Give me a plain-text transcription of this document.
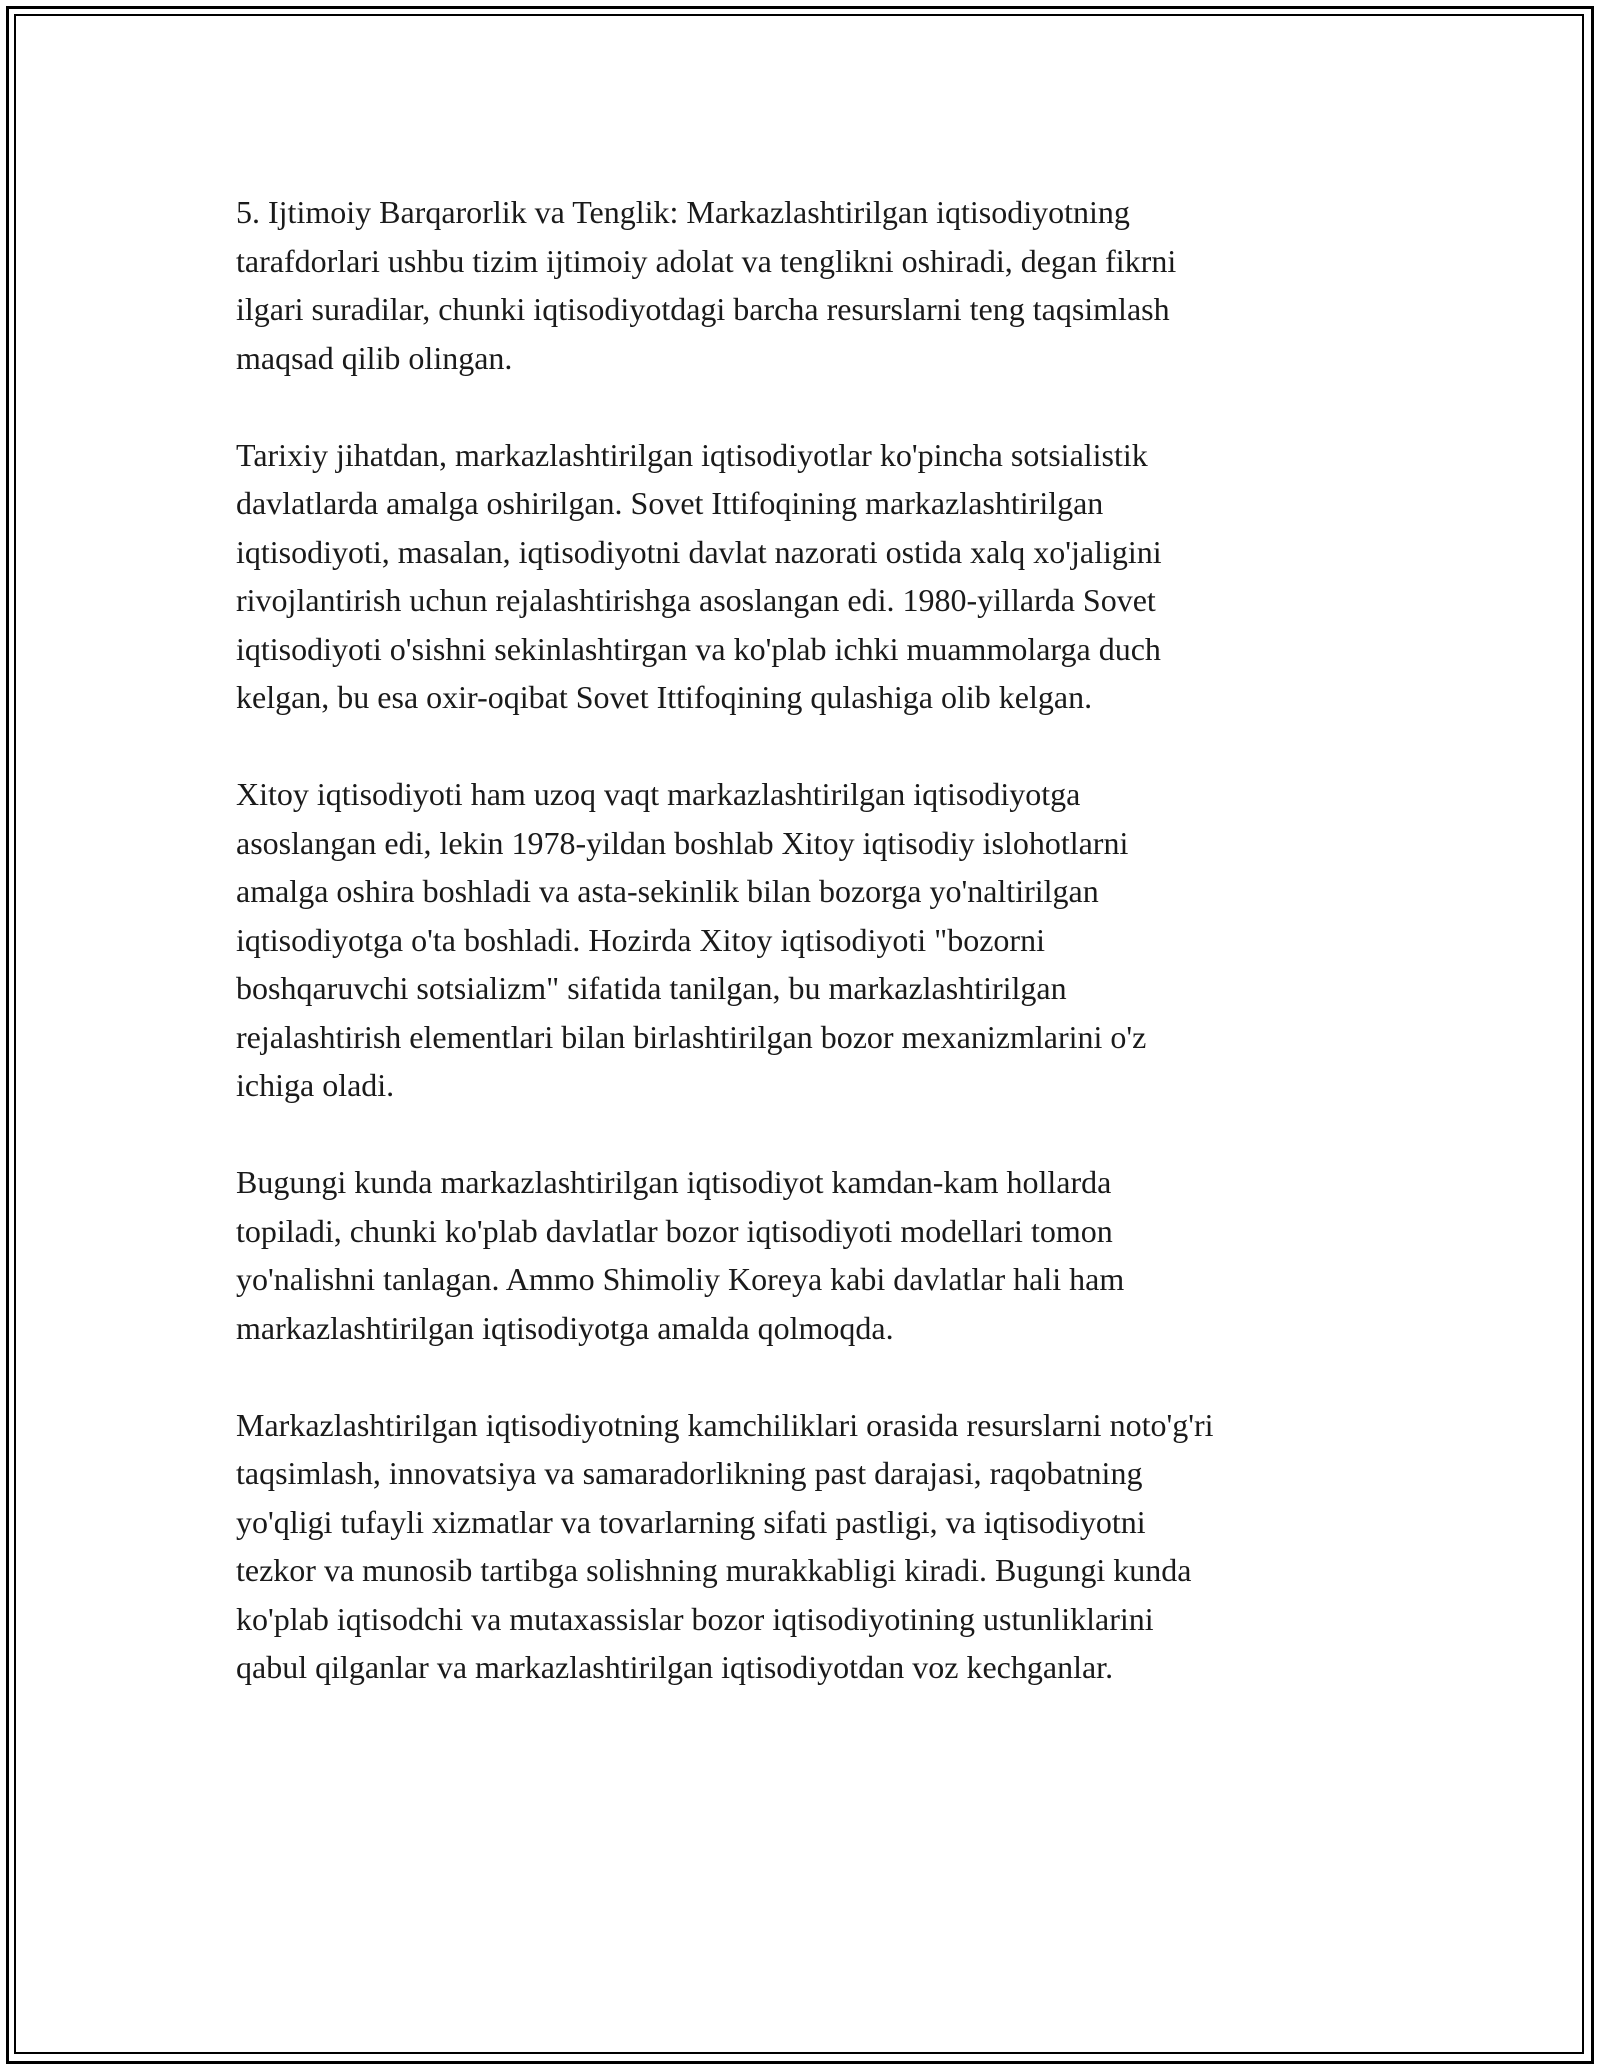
5. Ijtimoiy Barqarorlik va Tenglik: Markazlashtirilgan iqtisodiyotning
tarafdorlari ushbu tizim ijtimoiy adolat va tenglikni oshiradi, degan fikrni
ilgari suradilar, chunki iqtisodiyotdagi barcha resurslarni teng taqsimlash
maqsad qilib olingan.

Tarixiy jihatdan, markazlashtirilgan iqtisodiyotlar ko'pincha sotsialistik
davlatlarda amalga oshirilgan. Sovet Ittifoqining markazlashtirilgan
iqtisodiyoti, masalan, iqtisodiyotni davlat nazorati ostida xalq xo'jaligini
rivojlantirish uchun rejalashtirishga asoslangan edi. 1980-yillarda Sovet
iqtisodiyoti o'sishni sekinlashtirgan va ko'plab ichki muammolarga duch
kelgan, bu esa oxir-oqibat Sovet Ittifoqining qulashiga olib kelgan.

Xitoy iqtisodiyoti ham uzoq vaqt markazlashtirilgan iqtisodiyotga
asoslangan edi, lekin 1978-yildan boshlab Xitoy iqtisodiy islohotlarni
amalga oshira boshladi va asta-sekinlik bilan bozorga yo'naltirilgan
iqtisodiyotga o'ta boshladi. Hozirda Xitoy iqtisodiyoti "bozorni
boshqaruvchi sotsializm" sifatida tanilgan, bu markazlashtirilgan
rejalashtirish elementlari bilan birlashtirilgan bozor mexanizmlarini o'z
ichiga oladi.

Bugungi kunda markazlashtirilgan iqtisodiyot kamdan-kam hollarda
topiladi, chunki ko'plab davlatlar bozor iqtisodiyoti modellari tomon
yo'nalishni tanlagan. Ammo Shimoliy Koreya kabi davlatlar hali ham
markazlashtirilgan iqtisodiyotga amalda qolmoqda.

Markazlashtirilgan iqtisodiyotning kamchiliklari orasida resurslarni noto'g'ri
taqsimlash, innovatsiya va samaradorlikning past darajasi, raqobatning
yo'qligi tufayli xizmatlar va tovarlarning sifati pastligi, va iqtisodiyotni
tezkor va munosib tartibga solishning murakkabligi kiradi. Bugungi kunda
ko'plab iqtisodchi va mutaxassislar bozor iqtisodiyotining ustunliklarini
qabul qilganlar va markazlashtirilgan iqtisodiyotdan voz kechganlar.
